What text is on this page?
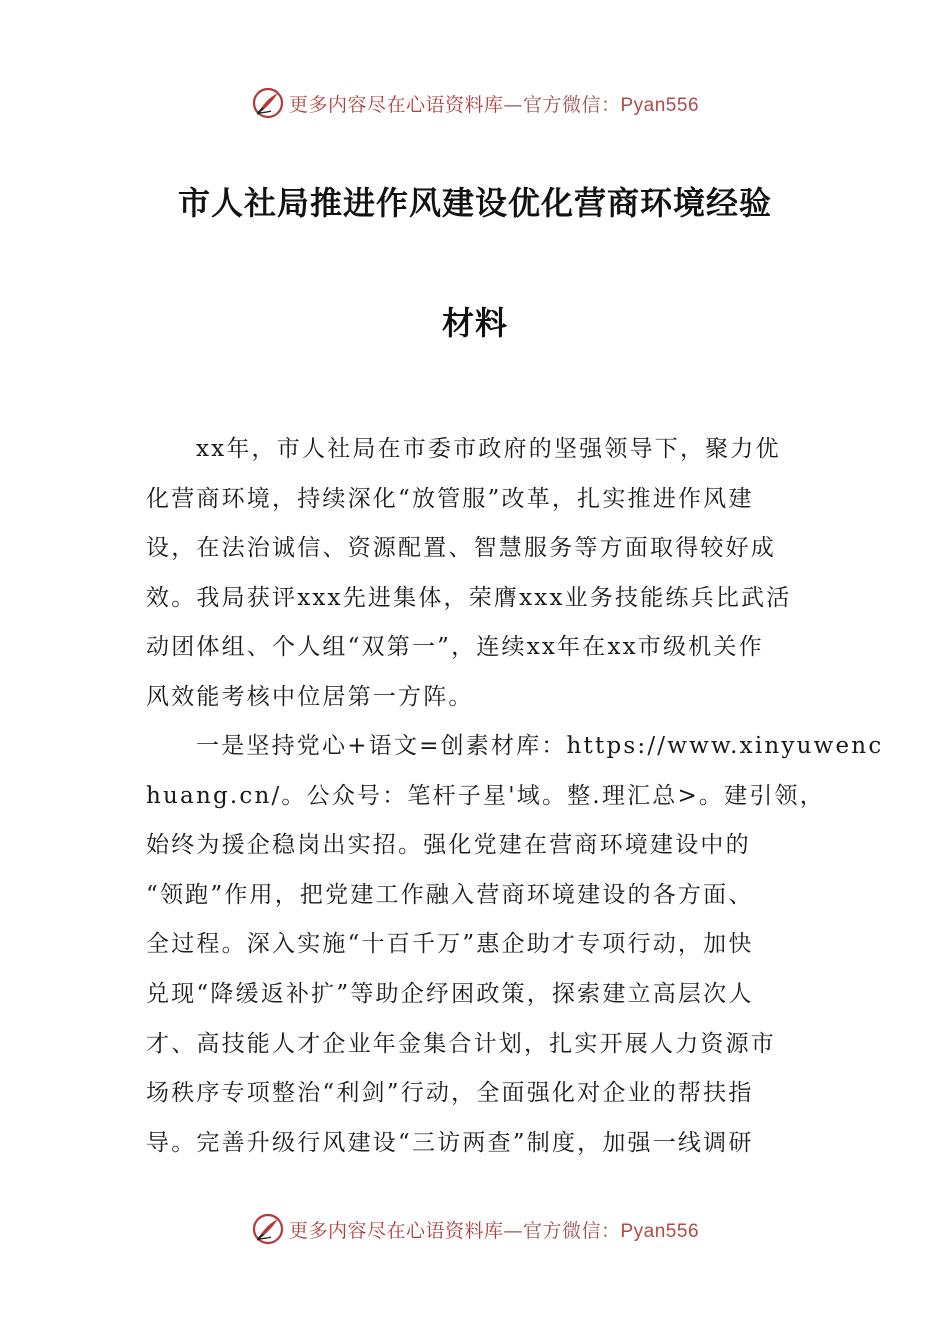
更多内容尽在心语资料库—官方微信：Pyan556
市人社局推进作风建设优化营商环境经验
材料
xx年，市人社局在市委市政府的坚强领导下，聚力优
化营商环境，持续深化“放管服”改革，扎实推进作风建
设，在法治诚信、资源配置、智慧服务等方面取得较好成
效。我局获评xxx先进集体，荣膺xxx业务技能练兵比武活
动团体组、个人组“双第一”，连续xx年在xx市级机关作
风效能考核中位居第一方阵。
一是坚持党心+语文=创素材库：https://www.xinyuwenc
huang.cn/。公众号：笔杆子星'域。整.理汇总>。建引领，
始终为援企稳岗出实招。强化党建在营商环境建设中的
“领跑”作用，把党建工作融入营商环境建设的各方面、
全过程。深入实施“十百千万”惠企助才专项行动，加快
兑现“降缓返补扩”等助企纾困政策，探索建立高层次人
才、高技能人才企业年金集合计划，扎实开展人力资源市
场秩序专项整治“利剑”行动，全面强化对企业的帮扶指
导。完善升级行风建设“三访两查”制度，加强一线调研
更多内容尽在心语资料库—官方微信：Pyan556
